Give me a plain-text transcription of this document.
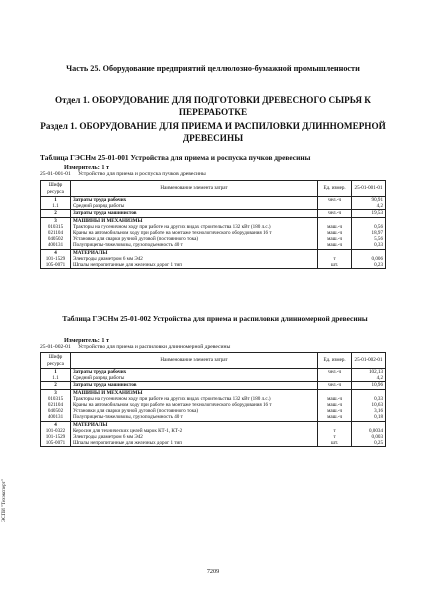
Часть 25. Оборудование предприятий целлюлозно-бумажной промышленности
Отдел 1. ОБОРУДОВАНИЕ ДЛЯ ПОДГОТОВКИ ДРЕВЕСНОГО СЫРЬЯ К ПЕРЕРАБОТКЕ
Раздел 1. ОБОРУДОВАНИЕ ДЛЯ ПРИЕМА И РАСПИЛОВКИ ДЛИННОМЕРНОЙ ДРЕВЕСИНЫ
Таблица ГЭСНм 25-01-001 Устройства для приема и роспуска пучков древесины
Измеритель: 1 т
25-01-001-01 Устройство для приема и роспуска пучков древесины
Шифр ресурса	Наименование элемента затрат	Ед. измер.	25-01-001-01
1	Затраты труда рабочих	чел.-ч	90,91
1.1	Средний разряд работы		4,2
2	Затраты труда машинистов	чел.-ч	19,53
3	МАШИНЫ И МЕХАНИЗМЫ		
010315	Тракторы на гусеничном ходу при работе на других видах строительства 132 кВт (180 л.с.)	маш.-ч	0,56
021104	Краны на автомобильном ходу при работе на монтаже технологического оборудования 16 т	маш.-ч	18,97
040502	Установки для сварки ручной дуговой (постоянного тока)	маш.-ч	5,56
400131	Полуприцепы-тяжеловозы, грузоподъемность 40 т	маш.-ч	0,33
4	МАТЕРИАЛЫ		
101-1529	Электроды диаметром 6 мм Э42	т	0,006
105-0071	Шпалы непропитанные для железных дорог 1 тип	шт.	0,23
Таблица ГЭСНм 25-01-002 Устройства для приема и распиловки длинномерной древесины
Измеритель: 1 т
25-01-002-01 Устройство для приема и распиловки длинномерной древесины
Шифр ресурса	Наименование элемента затрат	Ед. измер.	25-01-002-01
1	Затраты труда рабочих	чел.-ч	102,13
1.1	Средний разряд работы		4,2
2	Затраты труда машинистов	чел.-ч	10,96
3	МАШИНЫ И МЕХАНИЗМЫ		
010315	Тракторы на гусеничном ходу при работе на других видах строительства 132 кВт (180 л.с.)	маш.-ч	0,33
021104	Краны на автомобильном ходу при работе на монтаже технологического оборудования 16 т	маш.-ч	10,63
040502	Установки для сварки ручной дуговой (постоянного тока)	маш.-ч	3,16
400131	Полуприцепы-тяжеловозы, грузоподъемность 40 т	маш.-ч	0,18
4	МАТЕРИАЛЫ		
101-0322	Керосин для технических целей марок КТ-1, КТ-2	т	0,0034
101-1529	Электроды диаметром 6 мм Э42	т	0,003
105-0071	Шпалы непропитанные для железных дорог 1 тип	шт.	0,25
ЭСПИ "Техэксперт"
7209
